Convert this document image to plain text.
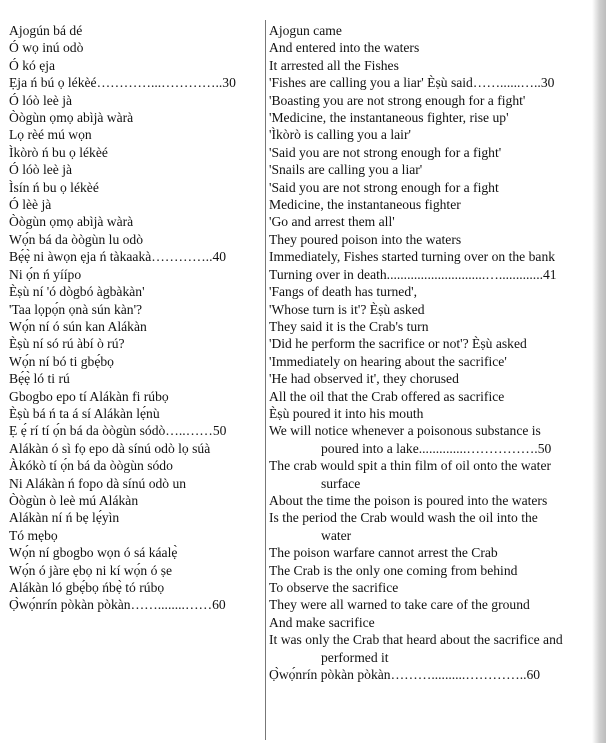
Ajogún bá dé
Ó wọ inú odò
Ó kó ẹja
Ẹja ń bú ọ lékèé…………...…………..30
Ó lóò leè jà
Òògùn ọmọ abìjà wàrà
Lọ rèé mú wọn
Ìkòrò ń bu ọ lékèé
Ó lóò leè jà
Ìsín ń bu ọ lékèé
Ó lèè jà
Òògùn ọmọ abìjà wàrà
Wọ́n bá da òògùn lu odò
Bẹ́ẹ̀ ni àwọn ẹja ń tàkaakà…………..40
Ni ọ́n ń yíípo
Èṣù ní 'ó dògbó àgbàkàn'
'Taa lọpọ́n ọnà sún kàn'?
Wọ́n ní ó sún kan Alákàn
Èṣù ní só rú àbí ò rú?
Wọ́n ní bó ti gbẹ́bọ
Bẹ́ẹ̀ ló ti rú
Gbogbo epo tí Alákàn fi rúbọ
Èṣù bá ń ta á sí Alákàn lẹ́nù
Ẹ ẹ́ rí tí ọ́n bá da òògùn sódò…..……50
Alákàn ó sì fọ epo dà sínú odò lọ súà
Àkókò tí ọ́n bá da òògùn sódo
Ni Alákàn ń fopo dà sínú odò un
Òògùn ò leè mú Alákàn
Alákàn ní ń bẹ lẹ́yìn
Tó mẹbọ
Wọ́n ní gbogbo wọn ó sá káalẹ̀
Wọ́n ó jàre ẹbọ ni kí wọ́n ó ṣe
Alákàn ló gbẹ́bọ ńbẹ̀ tó rúbọ
Ọ̀wọ́nrín pòkàn pòkàn……........……60
Ajogun came
And entered into the waters
It arrested all the Fishes
'Fishes are calling you a liar' Èṣù said……......…..30
'Boasting you are not strong enough for a fight'
'Medicine, the instantaneous fighter, rise up'
'Ìkòrò is calling you a lair'
'Said you are not strong enough for a fight'
'Snails are calling you a liar'
'Said you are not strong enough for a fight
Medicine, the instantaneous fighter
'Go and arrest them all'
They poured poison into the waters
Immediately, Fishes started turning over on the bank
Turning over in death.............................….............41
'Fangs of death has turned',
'Whose turn is it'? Èṣù asked
They said it is the Crab's turn
'Did he perform the sacrifice or not'? Èṣù asked
'Immediately on hearing about the sacrifice'
'He had observed it', they chorused
All the oil that the Crab offered as sacrifice
Èṣù poured it into his mouth
We will notice whenever a poisonous substance is
poured into a lake..............…………….50
The crab would spit a thin film of oil onto the water
surface
About the time the poison is poured into the waters
Is the period the Crab would wash the oil into the
water
The poison warfare cannot arrest the Crab
The Crab is the only one coming from behind
To observe the sacrifice
They were all warned to take care of the ground
And make sacrifice
It was only the Crab that heard about the sacrifice and
performed it
Ọ̀wọ́nrín pòkàn pòkàn………..........…………..60
